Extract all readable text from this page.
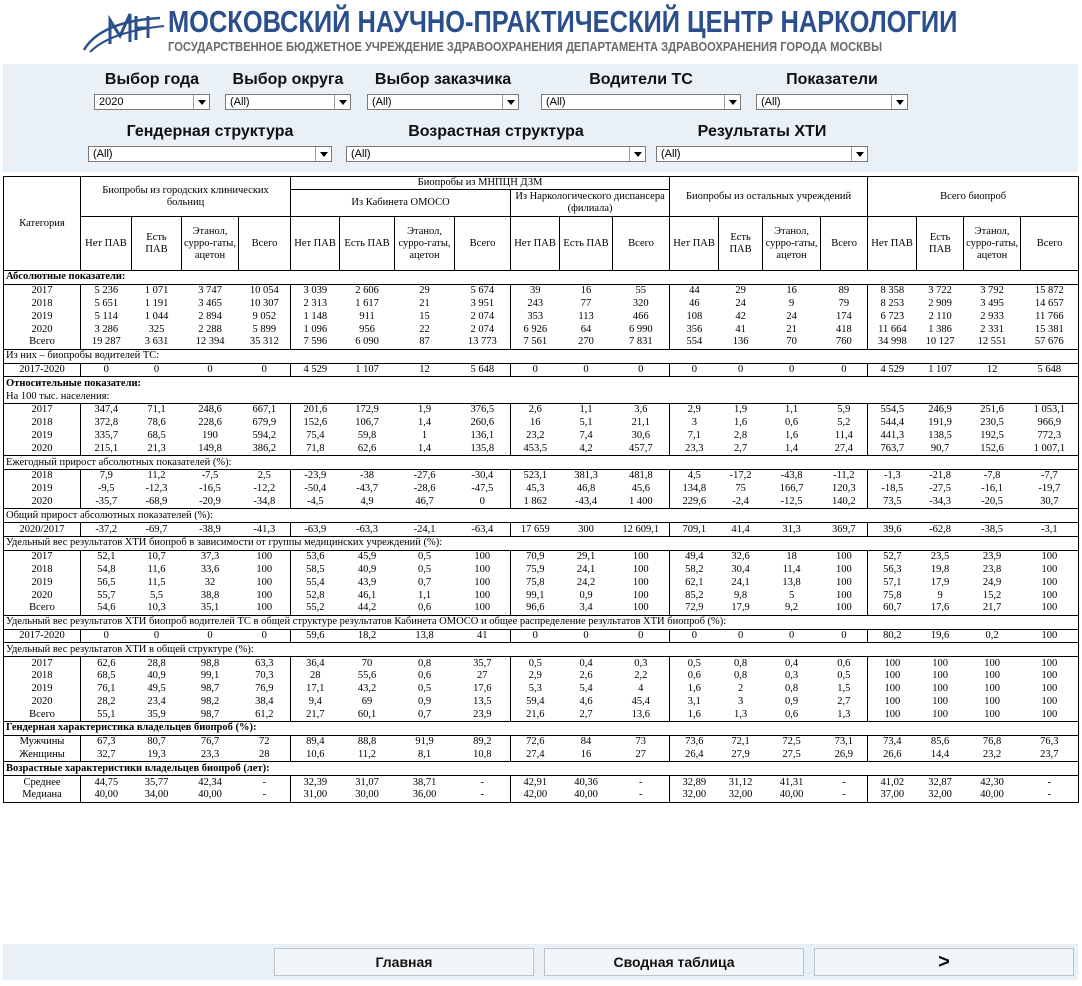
МОСКОВСКИЙ НАУЧНО-ПРАКТИЧЕСКИЙ ЦЕНТР НАРКОЛОГИИ
ГОСУДАРСТВЕННОЕ БЮДЖЕТНОЕ УЧРЕЖДЕНИЕ ЗДРАВООХРАНЕНИЯ ДЕПАРТАМЕНТА ЗДРАВООХРАНЕНИЯ ГОРОДА МОСКВЫ
Выбор года
2020
Выбор округа
(All)
Выбор заказчика
(All)
Водители ТС
(All)
Показатели
(All)
Гендерная структура
(All)
Возрастная структура
(All)
Результаты ХТИ
(All)
Категория	Биопробы из городских клинических больниц				Биопробы из МНПЦН ДЗМ							Биопробы из остальных учреждений				Всего биопроб			
					Из Кабинета ОМОСО				Из Наркологического диспансера (филиала)										
	Нет ПАВ	Есть ПАВ	Этанол, сурро-гаты, ацетон	Всего	Нет ПАВ	Есть ПАВ	Этанол, сурро-гаты, ацетон	Всего	Нет ПАВ	Есть ПАВ	Всего	Нет ПАВ	Есть ПАВ	Этанол, сурро-гаты, ацетон	Всего	Нет ПАВ	Есть ПАВ	Этанол, сурро-гаты, ацетон	Всего
Абсолютные показатели:																			
2017	5 236	1 071	3 747	10 054	3 039	2 606	29	5 674	39	16	55	44	29	16	89	8 358	3 722	3 792	15 872
2018	5 651	1 191	3 465	10 307	2 313	1 617	21	3 951	243	77	320	46	24	9	79	8 253	2 909	3 495	14 657
2019	5 114	1 044	2 894	9 052	1 148	911	15	2 074	353	113	466	108	42	24	174	6 723	2 110	2 933	11 766
2020	3 286	325	2 288	5 899	1 096	956	22	2 074	6 926	64	6 990	356	41	21	418	11 664	1 386	2 331	15 381
Всего	19 287	3 631	12 394	35 312	7 596	6 090	87	13 773	7 561	270	7 831	554	136	70	760	34 998	10 127	12 551	57 676
Из них – биопробы водителей ТС:																			
2017-2020	0	0	0	0	4 529	1 107	12	5 648	0	0	0	0	0	0	0	4 529	1 107	12	5 648
Относительные показатели:																			
На 100 тыс. населения:																			
2017	347,4	71,1	248,6	667,1	201,6	172,9	1,9	376,5	2,6	1,1	3,6	2,9	1,9	1,1	5,9	554,5	246,9	251,6	1 053,1
2018	372,8	78,6	228,6	679,9	152,6	106,7	1,4	260,6	16	5,1	21,1	3	1,6	0,6	5,2	544,4	191,9	230,5	966,9
2019	335,7	68,5	190	594,2	75,4	59,8	1	136,1	23,2	7,4	30,6	7,1	2,8	1,6	11,4	441,3	138,5	192,5	772,3
2020	215,1	21,3	149,8	386,2	71,8	62,6	1,4	135,8	453,5	4,2	457,7	23,3	2,7	1,4	27,4	763,7	90,7	152,6	1 007,1
Ежегодный прирост абсолютных показателей (%):																			
2018	7,9	11,2	-7,5	2,5	-23,9	-38	-27,6	-30,4	523,1	381,3	481,8	4,5	-17,2	-43,8	-11,2	-1,3	-21,8	-7,8	-7,7
2019	-9,5	-12,3	-16,5	-12,2	-50,4	-43,7	-28,6	-47,5	45,3	46,8	45,6	134,8	75	166,7	120,3	-18,5	-27,5	-16,1	-19,7
2020	-35,7	-68,9	-20,9	-34,8	-4,5	4,9	46,7	0	1 862	-43,4	1 400	229,6	-2,4	-12,5	140,2	73,5	-34,3	-20,5	30,7
Общий прирост абсолютных показателей (%):																			
2020/2017	-37,2	-69,7	-38,9	-41,3	-63,9	-63,3	-24,1	-63,4	17 659	300	12 609,1	709,1	41,4	31,3	369,7	39,6	-62,8	-38,5	-3,1
Удельный вес результатов ХТИ биопроб в зависимости от группы медицинских учреждений (%):																			
2017	52,1	10,7	37,3	100	53,6	45,9	0,5	100	70,9	29,1	100	49,4	32,6	18	100	52,7	23,5	23,9	100
2018	54,8	11,6	33,6	100	58,5	40,9	0,5	100	75,9	24,1	100	58,2	30,4	11,4	100	56,3	19,8	23,8	100
2019	56,5	11,5	32	100	55,4	43,9	0,7	100	75,8	24,2	100	62,1	24,1	13,8	100	57,1	17,9	24,9	100
2020	55,7	5,5	38,8	100	52,8	46,1	1,1	100	99,1	0,9	100	85,2	9,8	5	100	75,8	9	15,2	100
Всего	54,6	10,3	35,1	100	55,2	44,2	0,6	100	96,6	3,4	100	72,9	17,9	9,2	100	60,7	17,6	21,7	100
Удельный вес результатов ХТИ биопроб водителей ТС в общей структуре результатов Кабинета ОМОСО и общее распределение результатов ХТИ биопроб (%):																			
2017-2020	0	0	0	0	59,6	18,2	13,8	41	0	0	0	0	0	0	0	80,2	19,6	0,2	100
Удельный вес результатов ХТИ в общей структуре (%):																			
2017	62,6	28,8	98,8	63,3	36,4	70	0,8	35,7	0,5	0,4	0,3	0,5	0,8	0,4	0,6	100	100	100	100
2018	68,5	40,9	99,1	70,3	28	55,6	0,6	27	2,9	2,6	2,2	0,6	0,8	0,3	0,5	100	100	100	100
2019	76,1	49,5	98,7	76,9	17,1	43,2	0,5	17,6	5,3	5,4	4	1,6	2	0,8	1,5	100	100	100	100
2020	28,2	23,4	98,2	38,4	9,4	69	0,9	13,5	59,4	4,6	45,4	3,1	3	0,9	2,7	100	100	100	100
Всего	55,1	35,9	98,7	61,2	21,7	60,1	0,7	23,9	21,6	2,7	13,6	1,6	1,3	0,6	1,3	100	100	100	100
Гендерная характеристика владельцев биопроб (%):																			
Мужчины	67,3	80,7	76,7	72	89,4	88,8	91,9	89,2	72,6	84	73	73,6	72,1	72,5	73,1	73,4	85,6	76,8	76,3
Женщины	32,7	19,3	23,3	28	10,6	11,2	8,1	10,8	27,4	16	27	26,4	27,9	27,5	26,9	26,6	14,4	23,2	23,7
Возрастные характеристики владельцев биопроб (лет):																			
Среднее	44,75	35,77	42,34	-	32,39	31,07	38,71	-	42,91	40,36	-	32,89	31,12	41,31	-	41,02	32,87	42,30	-
Медиана	40,00	34,00	40,00	-	31,00	30,00	36,00	-	42,00	40,00	-	32,00	32,00	40,00	-	37,00	32,00	40,00	-
Главная	Сводная таблица	>
